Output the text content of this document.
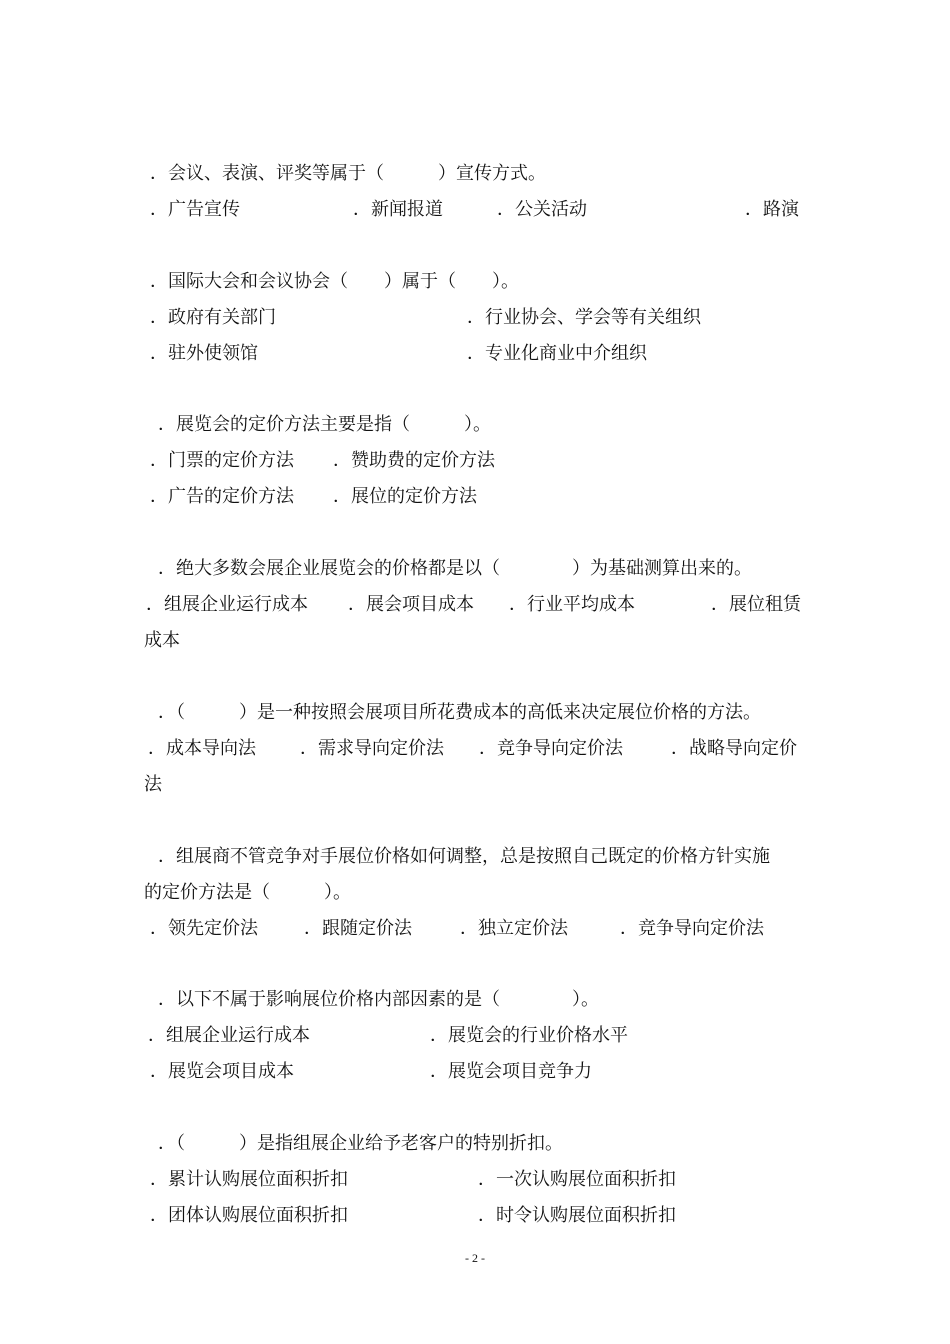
．会议、表演、评奖等属于（　　　）宣传方式。
．广告宣传	．新闻报道	．公关活动	．路演
．国际大会和会议协会（　　）属于（　　）。
．政府有关部门	．行业协会、学会等有关组织
．驻外使领馆	．专业化商业中介组织
．展览会的定价方法主要是指（　　　）。
．门票的定价方法 ．赞助费的定价方法
．广告的定价方法 ．展位的定价方法
．绝大多数会展企业展览会的价格都是以（　　　　）为基础测算出来的。
．组展企业运行成本 ．展会项目成本 ．行业平均成本	．展位租赁
成本
．（　　　）是一种按照会展项目所花费成本的高低来决定展位价格的方法。
．成本导向法 ．需求导向定价法 ．竞争导向定价法	．战略导向定价
法
．组展商不管竞争对手展位价格如何调整，总是按照自己既定的价格方针实施
的定价方法是（　　　）。
．领先定价法	．跟随定价法	．独立定价法	．竞争导向定价法
．以下不属于影响展位价格内部因素的是（　　　　）。
．组展企业运行成本	．展览会的行业价格水平
．展览会项目成本	．展览会项目竞争力
．（　　　）是指组展企业给予老客户的特别折扣。
．累计认购展位面积折扣	．一次认购展位面积折扣
．团体认购展位面积折扣	．时令认购展位面积折扣
- 2 -
